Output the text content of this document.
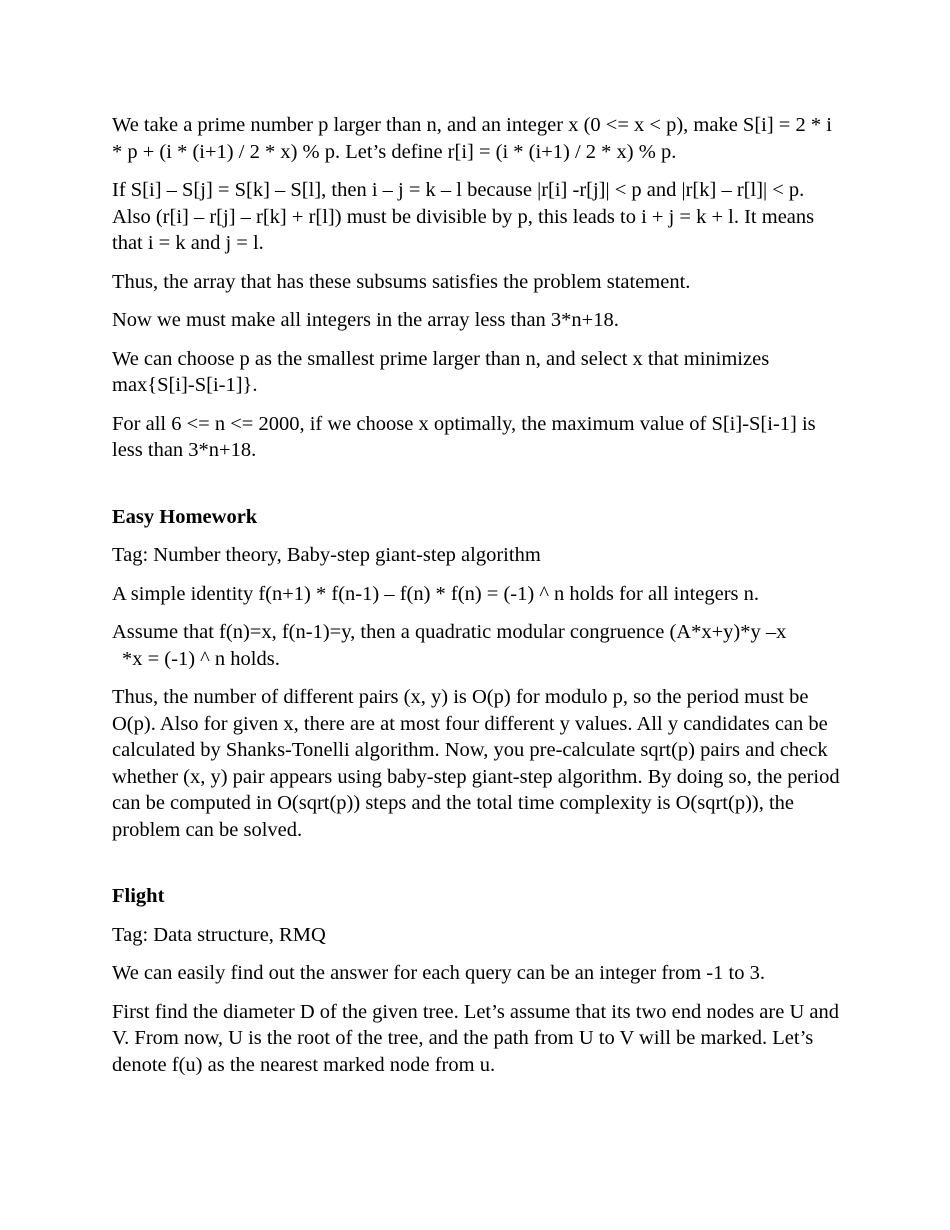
We take a prime number p larger than n, and an integer x (0 <= x < p), make S[i] = 2 * i * p + (i * (i+1) / 2 * x) % p. Let’s define r[i] = (i * (i+1) / 2 * x) % p.

If S[i] – S[j] = S[k] – S[l], then i – j = k – l because |r[i] -r[j]| < p and |r[k] – r[l]| < p. Also (r[i] – r[j] – r[k] + r[l]) must be divisible by p, this leads to i + j = k + l. It means that i = k and j = l.

Thus, the array that has these subsums satisfies the problem statement.

Now we must make all integers in the array less than 3*n+18.

We can choose p as the smallest prime larger than n, and select x that minimizes max{S[i]-S[i-1]}.

For all 6 <= n <= 2000, if we choose x optimally, the maximum value of S[i]-S[i-1] is less than 3*n+18.

Easy Homework

Tag: Number theory, Baby-step giant-step algorithm

A simple identity f(n+1) * f(n-1) – f(n) * f(n) = (-1) ^ n holds for all integers n.

Assume that f(n)=x, f(n-1)=y, then a quadratic modular congruence (A*x+y)*y –x
*x = (-1) ^ n holds.

Thus, the number of different pairs (x, y) is O(p) for modulo p, so the period must be O(p). Also for given x, there are at most four different y values. All y candidates can be calculated by Shanks-Tonelli algorithm. Now, you pre-calculate sqrt(p) pairs and check whether (x, y) pair appears using baby-step giant-step algorithm. By doing so, the period can be computed in O(sqrt(p)) steps and the total time complexity is O(sqrt(p)), the problem can be solved.

Flight

Tag: Data structure, RMQ

We can easily find out the answer for each query can be an integer from -1 to 3.

First find the diameter D of the given tree. Let’s assume that its two end nodes are U and V. From now, U is the root of the tree, and the path from U to V will be marked. Let’s denote f(u) as the nearest marked node from u.
